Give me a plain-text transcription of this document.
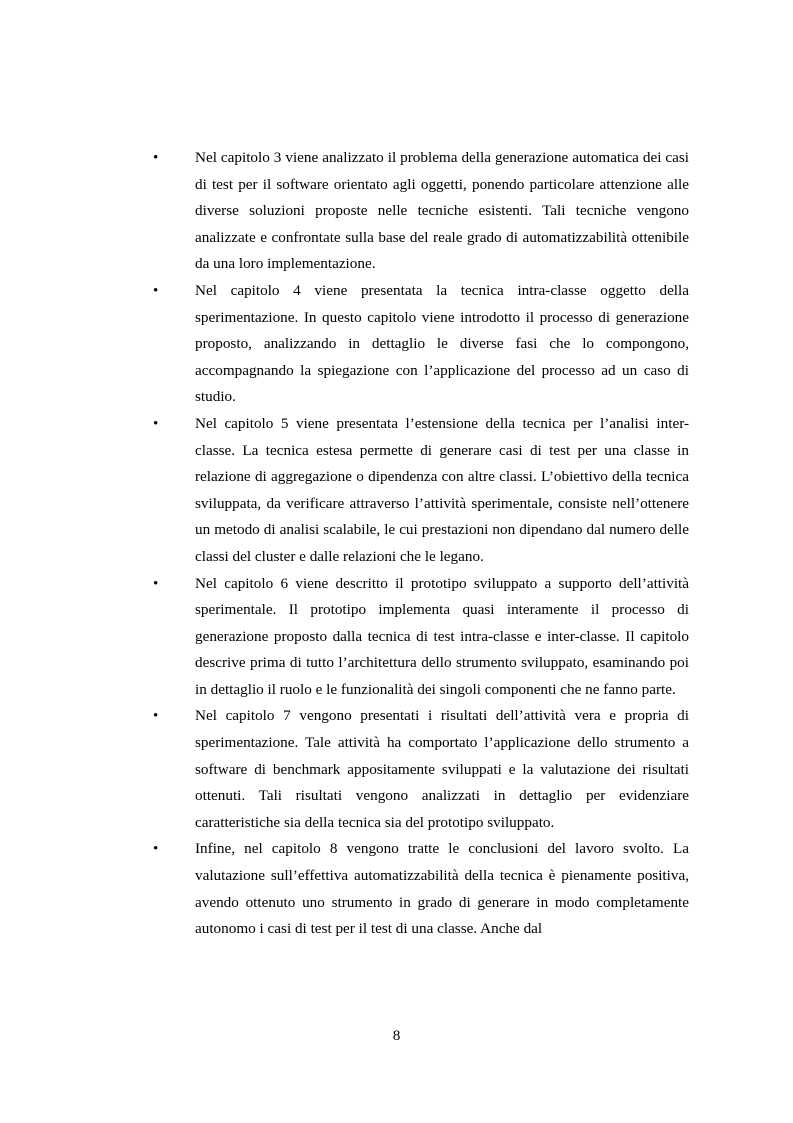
• Nel capitolo 3 viene analizzato il problema della generazione automatica dei casi di test per il software orientato agli oggetti, ponendo particolare attenzione alle diverse soluzioni proposte nelle tecniche esistenti. Tali tecniche vengono analizzate e confrontate sulla base del reale grado di automatizzabilità ottenibile da una loro implementazione.
• Nel capitolo 4 viene presentata la tecnica intra-classe oggetto della sperimentazione. In questo capitolo viene introdotto il processo di generazione proposto, analizzando in dettaglio le diverse fasi che lo compongono, accompagnando la spiegazione con l’applicazione del processo ad un caso di studio.
• Nel capitolo 5 viene presentata l’estensione della tecnica per l’analisi inter-classe. La tecnica estesa permette di generare casi di test per una classe in relazione di aggregazione o dipendenza con altre classi. L’obiettivo della tecnica sviluppata, da verificare attraverso l’attività sperimentale, consiste nell’ottenere un metodo di analisi scalabile, le cui prestazioni non dipendano dal numero delle classi del cluster e dalle relazioni che le legano.
• Nel capitolo 6 viene descritto il prototipo sviluppato a supporto dell’attività sperimentale. Il prototipo implementa quasi interamente il processo di generazione proposto dalla tecnica di test intra-classe e inter-classe. Il capitolo descrive prima di tutto l’architettura dello strumento sviluppato, esaminando poi in dettaglio il ruolo e le funzionalità dei singoli componenti che ne fanno parte.
• Nel capitolo 7 vengono presentati i risultati dell’attività vera e propria di sperimentazione. Tale attività ha comportato l’applicazione dello strumento a software di benchmark appositamente sviluppati e la valutazione dei risultati ottenuti. Tali risultati vengono analizzati in dettaglio per evidenziare caratteristiche sia della tecnica sia del prototipo sviluppato.
• Infine, nel capitolo 8 vengono tratte le conclusioni del lavoro svolto. La valutazione sull’effettiva automatizzabilità della tecnica è pienamente positiva, avendo ottenuto uno strumento in grado di generare in modo completamente autonomo i casi di test per il test di una classe. Anche dal
8
